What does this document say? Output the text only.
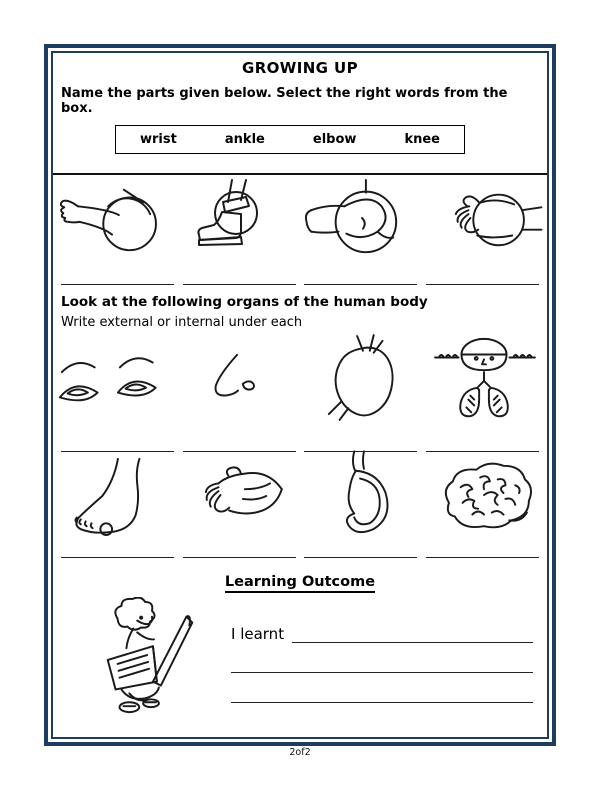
GROWING UP
Name the parts given below. Select the right words from the box.
wrist	ankle	elbow	knee
Look at the following organs of the human body
Write external or internal under each
Learning Outcome
I learnt
2of2
